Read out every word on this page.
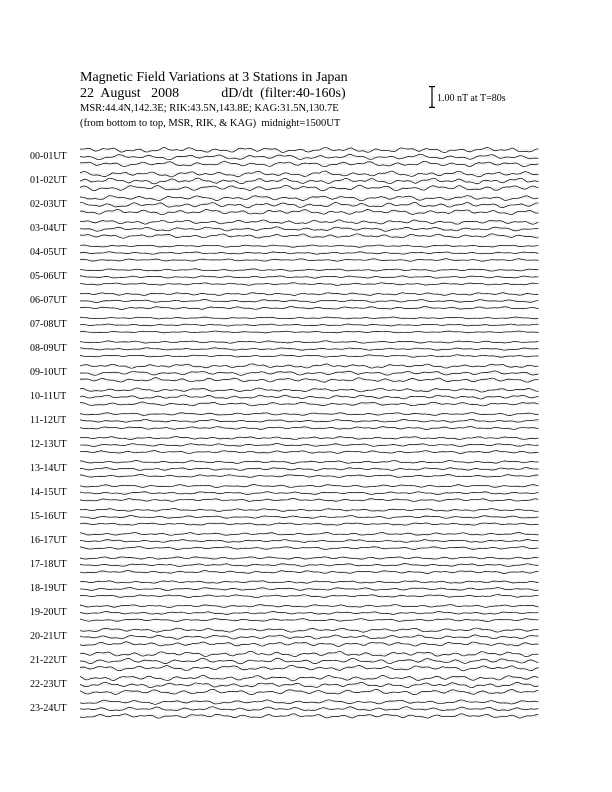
Magnetic Field Variations at 3 Stations in Japan
22  August   2008	dD/dt  (filter:40-160s)
MSR:44.4N,142.3E; RIK:43.5N,143.8E; KAG:31.5N,130.7E
(from bottom to top, MSR, RIK, & KAG) midnight=1500UT
1.00 nT at T=80s
00-01UT
01-02UT
02-03UT
03-04UT
04-05UT
05-06UT
06-07UT
07-08UT
08-09UT
09-10UT
10-11UT
11-12UT
12-13UT
13-14UT
14-15UT
15-16UT
16-17UT
17-18UT
18-19UT
19-20UT
20-21UT
21-22UT
22-23UT
23-24UT
